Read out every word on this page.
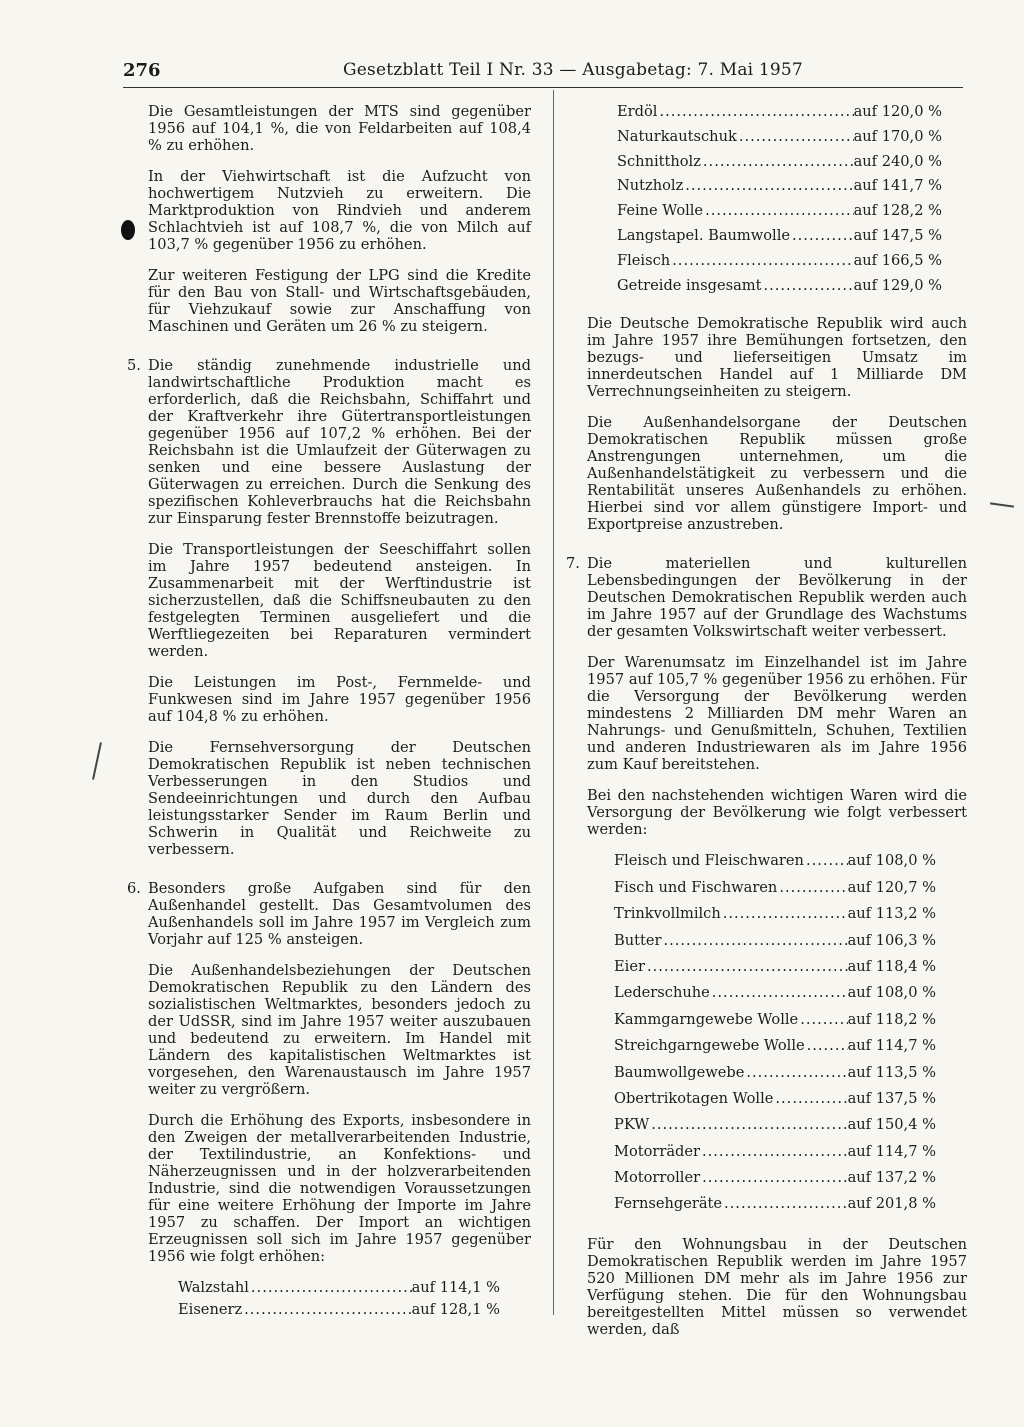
276	Gesetzblatt Teil I Nr. 33 — Ausgabetag: 7. Mai 1957

Die Gesamtleistungen der MTS sind gegenüber 1956 auf 104,1 %, die von Feldarbeiten auf 108,4 % zu erhöhen.

In der Viehwirtschaft ist die Aufzucht von hochwertigem Nutzvieh zu erweitern. Die Marktproduktion von Rindvieh und anderem Schlachtvieh ist auf 108,7 %, die von Milch auf 103,7 % gegenüber 1956 zu erhöhen.

Zur weiteren Festigung der LPG sind die Kredite für den Bau von Stall- und Wirtschaftsgebäuden, für Viehzukauf sowie zur Anschaffung von Maschinen und Geräten um 26 % zu steigern.

5. Die ständig zunehmende industrielle und landwirtschaftliche Produktion macht es erforderlich, daß die Reichsbahn, Schiffahrt und der Kraftverkehr ihre Gütertransportleistungen gegenüber 1956 auf 107,2 % erhöhen. Bei der Reichsbahn ist die Umlaufzeit der Güterwagen zu senken und eine bessere Auslastung der Güterwagen zu erreichen. Durch die Senkung des spezifischen Kohleverbrauchs hat die Reichsbahn zur Einsparung fester Brennstoffe beizutragen.

Die Transportleistungen der Seeschiffahrt sollen im Jahre 1957 bedeutend ansteigen. In Zusammenarbeit mit der Werftindustrie ist sicherzustellen, daß die Schiffsneubauten zu den festgelegten Terminen ausgeliefert und die Werftliegezeiten bei Reparaturen vermindert werden.

Die Leistungen im Post-, Fernmelde- und Funkwesen sind im Jahre 1957 gegenüber 1956 auf 104,8 % zu erhöhen.

Die Fernsehversorgung der Deutschen Demokratischen Republik ist neben technischen Verbesserungen in den Studios und Sendeeinrichtungen und durch den Aufbau leistungsstarker Sender im Raum Berlin und Schwerin in Qualität und Reichweite zu verbessern.

6. Besonders große Aufgaben sind für den Außenhandel gestellt. Das Gesamtvolumen des Außenhandels soll im Jahre 1957 im Vergleich zum Vorjahr auf 125 % ansteigen.

Die Außenhandelsbeziehungen der Deutschen Demokratischen Republik zu den Ländern des sozialistischen Weltmarktes, besonders jedoch zu der UdSSR, sind im Jahre 1957 weiter auszubauen und bedeutend zu erweitern. Im Handel mit Ländern des kapitalistischen Weltmarktes ist vorgesehen, den Warenaustausch im Jahre 1957 weiter zu vergrößern.

Durch die Erhöhung des Exports, insbesondere in den Zweigen der metallverarbeitenden Industrie, der Textilindustrie, an Konfektions- und Näherzeugnissen und in der holzverarbeitenden Industrie, sind die notwendigen Voraussetzungen für eine weitere Erhöhung der Importe im Jahre 1957 zu schaffen. Der Import an wichtigen Erzeugnissen soll sich im Jahre 1957 gegenüber 1956 wie folgt erhöhen:

Walzstahl .....	auf 114,1 %
Eisenerz .....	auf 128,1 %
Erdöl .....	auf 120,0 %
Naturkautschuk .....	auf 170,0 %
Schnittholz .....	auf 240,0 %
Nutzholz .....	auf 141,7 %
Feine Wolle .....	auf 128,2 %
Langstapel. Baumwolle .....	auf 147,5 %
Fleisch .....	auf 166,5 %
Getreide insgesamt .....	auf 129,0 %

Die Deutsche Demokratische Republik wird auch im Jahre 1957 ihre Bemühungen fortsetzen, den bezugs- und lieferseitigen Umsatz im innerdeutschen Handel auf 1 Milliarde DM Verrechnungseinheiten zu steigern.

Die Außenhandelsorgane der Deutschen Demokratischen Republik müssen große Anstrengungen unternehmen, um die Außenhandelstätigkeit zu verbessern und die Rentabilität unseres Außenhandels zu erhöhen. Hierbei sind vor allem günstigere Import- und Exportpreise anzustreben.

7. Die materiellen und kulturellen Lebensbedingungen der Bevölkerung in der Deutschen Demokratischen Republik werden auch im Jahre 1957 auf der Grundlage des Wachstums der gesamten Volkswirtschaft weiter verbessert.

Der Warenumsatz im Einzelhandel ist im Jahre 1957 auf 105,7 % gegenüber 1956 zu erhöhen. Für die Versorgung der Bevölkerung werden mindestens 2 Milliarden DM mehr Waren an Nahrungs- und Genußmitteln, Schuhen, Textilien und anderen Industriewaren als im Jahre 1956 zum Kauf bereitstehen.

Bei den nachstehenden wichtigen Waren wird die Versorgung der Bevölkerung wie folgt verbessert werden:

Fleisch und Fleischwaren .....	auf 108,0 %
Fisch und Fischwaren .....	auf 120,7 %
Trinkvollmilch .....	auf 113,2 %
Butter .....	auf 106,3 %
Eier .....	auf 118,4 %
Lederschuhe .....	auf 108,0 %
Kammgarngewebe Wolle .....	auf 118,2 %
Streichgarngewebe Wolle .....	auf 114,7 %
Baumwollgewebe .....	auf 113,5 %
Obertrikotagen Wolle .....	auf 137,5 %
PKW .....	auf 150,4 %
Motorräder .....	auf 114,7 %
Motorroller .....	auf 137,2 %
Fernsehgeräte .....	auf 201,8 %

Für den Wohnungsbau in der Deutschen Demokratischen Republik werden im Jahre 1957 520 Millionen DM mehr als im Jahre 1956 zur Verfügung stehen. Die für den Wohnungsbau bereitgestellten Mittel müssen so verwendet werden, daß
